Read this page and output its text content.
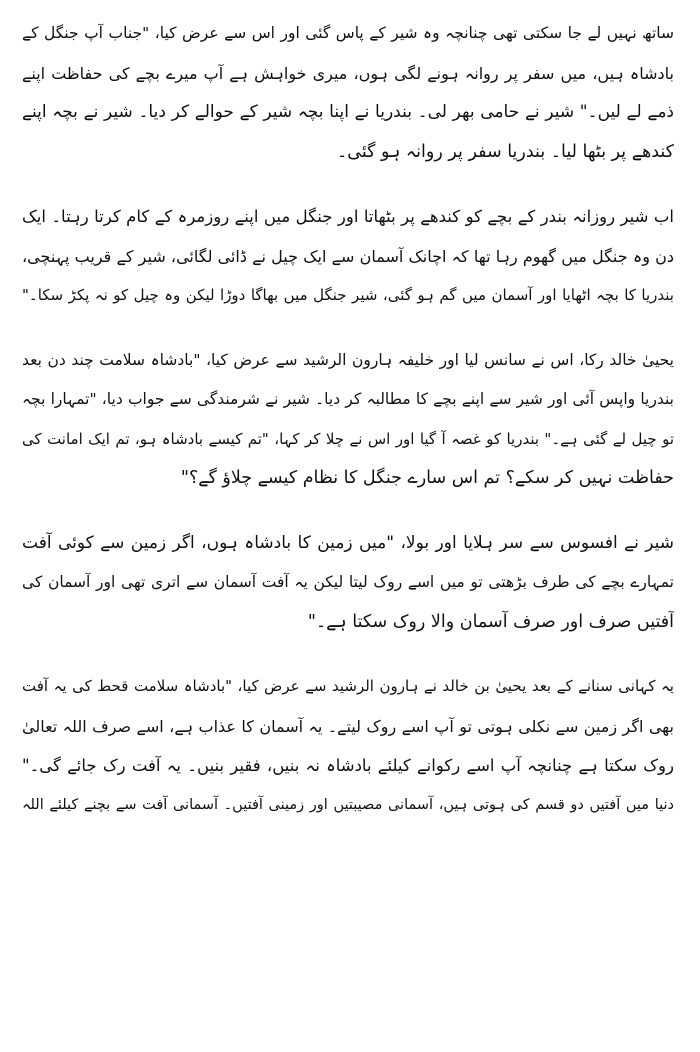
ساتھ نہیں لے جا سکتی تھی چنانچہ وہ شیر کے پاس گئی اور اس سے عرض کیا، "جناب آپ جنگل کے
بادشاہ ہیں، میں سفر پر روانہ ہونے لگی ہوں، میری خواہش ہے آپ میرے بچے کی حفاظت اپنے
ذمے لے لیں۔" شیر نے حامی بھر لی۔ بندریا نے اپنا بچہ شیر کے حوالے کر دیا۔ شیر نے بچہ اپنے
کندھے پر بٹھا لیا۔ بندریا سفر پر روانہ ہو گئی۔

اب شیر روزانہ بندر کے بچے کو کندھے پر بٹھاتا اور جنگل میں اپنے روزمرہ کے کام کرتا رہتا۔ ایک
دن وہ جنگل میں گھوم رہا تھا کہ اچانک آسمان سے ایک چیل نے ڈائی لگائی، شیر کے قریب پہنچی،
بندریا کا بچہ اٹھایا اور آسمان میں گم ہو گئی، شیر جنگل میں بھاگا دوڑا لیکن وہ چیل کو نہ پکڑ سکا۔"

یحییٰ خالد رکا، اس نے سانس لیا اور خلیفہ ہارون الرشید سے عرض کیا، "بادشاہ سلامت چند دن بعد
بندریا واپس آئی اور شیر سے اپنے بچے کا مطالبہ کر دیا۔ شیر نے شرمندگی سے جواب دیا، "تمہارا بچہ
تو چیل لے گئی ہے۔" بندریا کو غصہ آ گیا اور اس نے چلا کر کہا، "تم کیسے بادشاہ ہو، تم ایک امانت کی
حفاظت نہیں کر سکے؟ تم اس سارے جنگل کا نظام کیسے چلاؤ گے؟"

شیر نے افسوس سے سر ہلایا اور بولا، "میں زمین کا بادشاہ ہوں، اگر زمین سے کوئی آفت
تمہارے بچے کی طرف بڑھتی تو میں اسے روک لیتا لیکن یہ آفت آسمان سے اتری تھی اور آسمان کی
آفتیں صرف اور صرف آسمان والا روک سکتا ہے۔"

یہ کہانی سنانے کے بعد یحییٰ بن خالد نے ہارون الرشید سے عرض کیا، "بادشاہ سلامت قحط کی یہ آفت
بھی اگر زمین سے نکلی ہوتی تو آپ اسے روک لیتے۔ یہ آسمان کا عذاب ہے، اسے صرف اللہ تعالیٰ
روک سکتا ہے چنانچہ آپ اسے رکوانے کیلئے بادشاہ نہ بنیں، فقیر بنیں۔ یہ آفت رک جائے گی۔"
دنیا میں آفتیں دو قسم کی ہوتی ہیں، آسمانی مصیبتیں اور زمینی آفتیں۔ آسمانی آفت سے بچنے کیلئے اللہ
